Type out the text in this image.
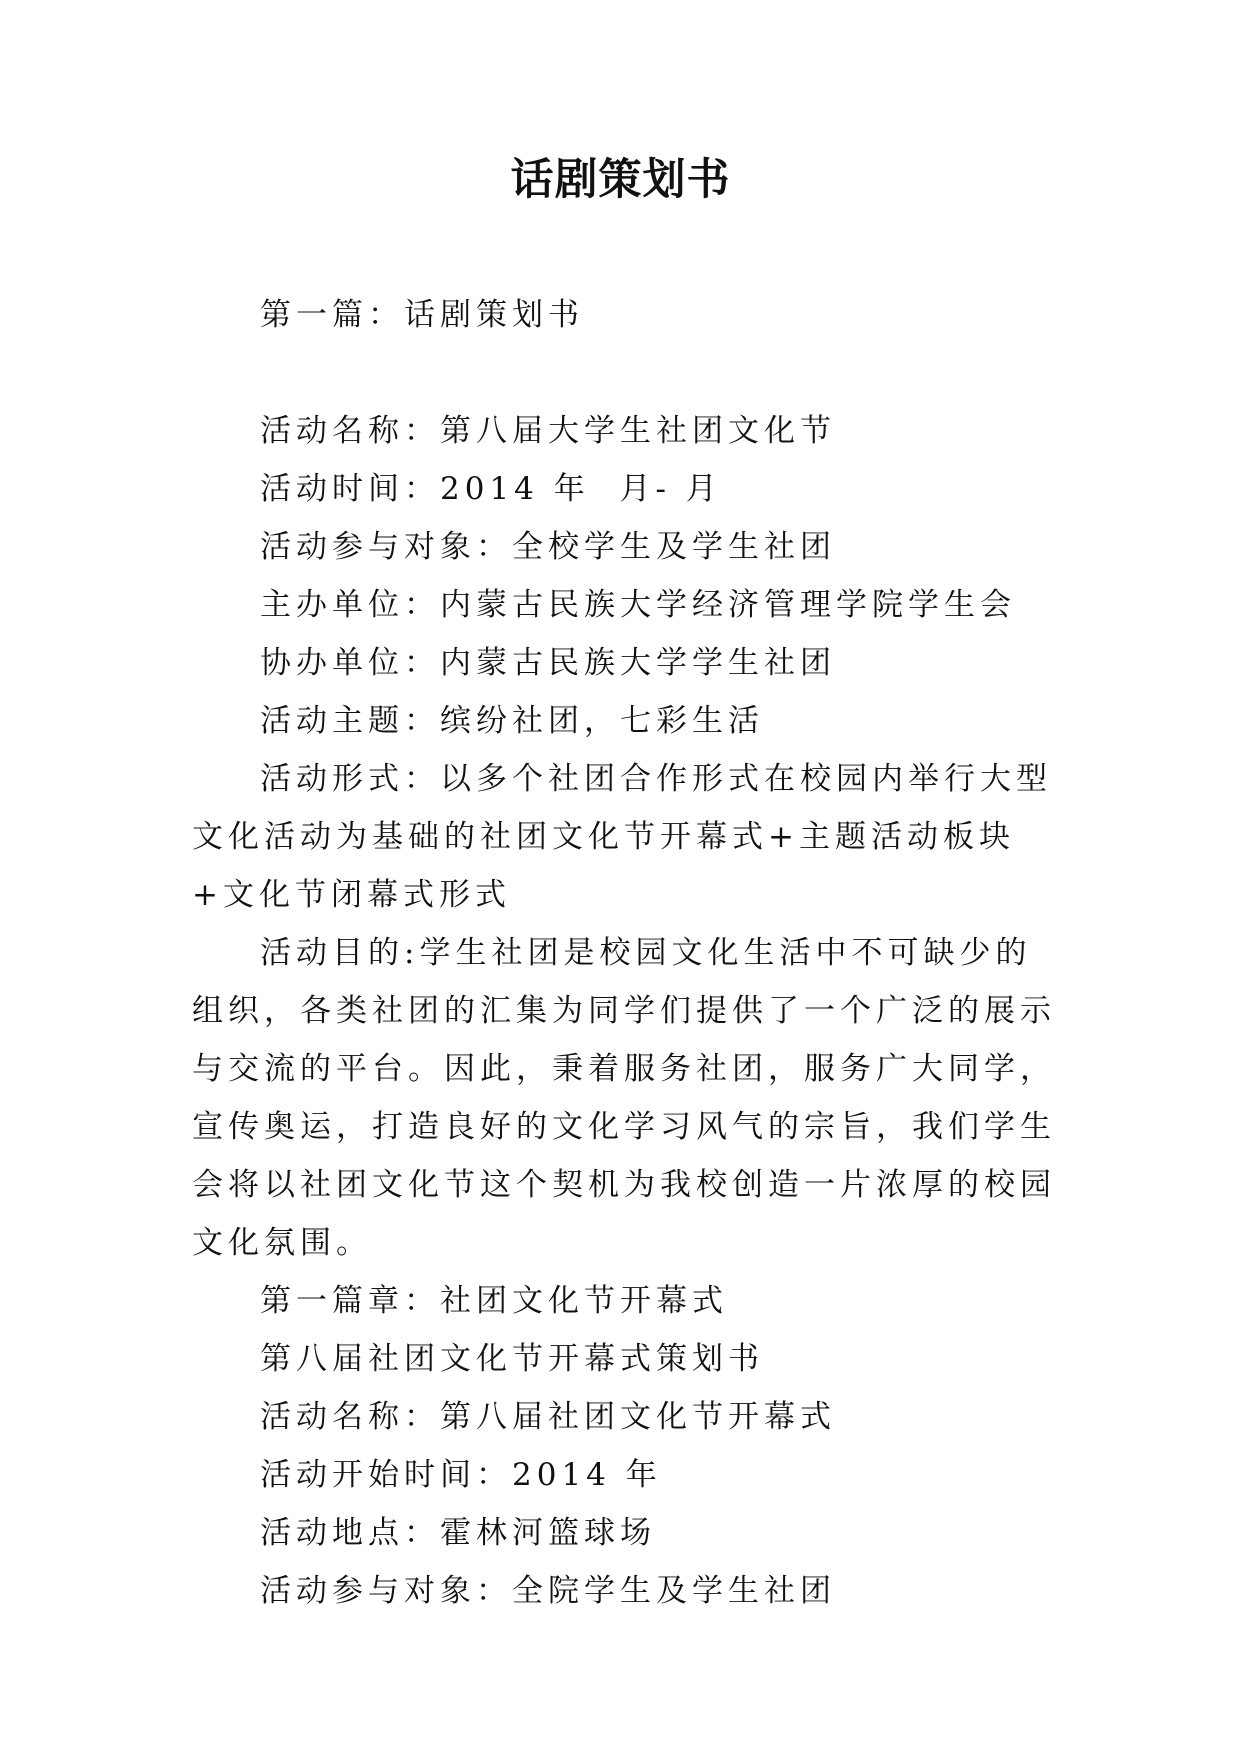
话剧策划书

第一篇：话剧策划书

活动名称：第八届大学生社团文化节

活动时间：2014 年  月- 月

活动参与对象：全校学生及学生社团

主办单位：内蒙古民族大学经济管理学院学生会

协办单位：内蒙古民族大学学生社团

活动主题：缤纷社团，七彩生活

活动形式：以多个社团合作形式在校园内举行大型文化活动为基础的社团文化节开幕式+主题活动板块+文化节闭幕式形式

活动目的:学生社团是校园文化生活中不可缺少的组织，各类社团的汇集为同学们提供了一个广泛的展示与交流的平台。因此，秉着服务社团，服务广大同学，宣传奥运，打造良好的文化学习风气的宗旨，我们学生会将以社团文化节这个契机为我校创造一片浓厚的校园文化氛围。

第一篇章：社团文化节开幕式

第八届社团文化节开幕式策划书

活动名称：第八届社团文化节开幕式

活动开始时间：2014 年

活动地点：霍林河篮球场

活动参与对象：全院学生及学生社团
